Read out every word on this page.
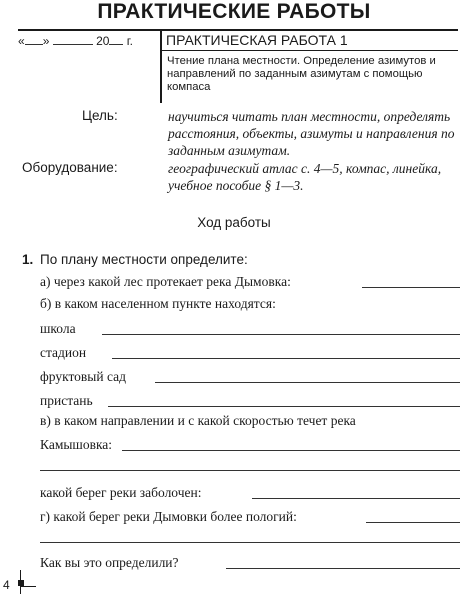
ПРАКТИЧЕСКИЕ РАБОТЫ
« »	20 г.	ПРАКТИЧЕСКАЯ РАБОТА 1
Чтение плана местности. Определение азимутов и направлений по заданным азимутам с помощью компаса
Цель:	научиться читать план местности, определять расстояния, объекты, азимуты и направления по заданным азимутам.
Оборудование:	географический атлас с. 4—5, компас, линейка, учебное пособие § 1—3.
Ход работы
1. По плану местности определите:
а) через какой лес протекает река Дымовка:
б) в каком населенном пункте находятся:
школа
стадион
фруктовый сад
пристань
в) в каком направлении и с какой скоростью течет река
Камышовка:
какой берег реки заболочен:
г) какой берег реки Дымовки более пологий:
Как вы это определили?
4
